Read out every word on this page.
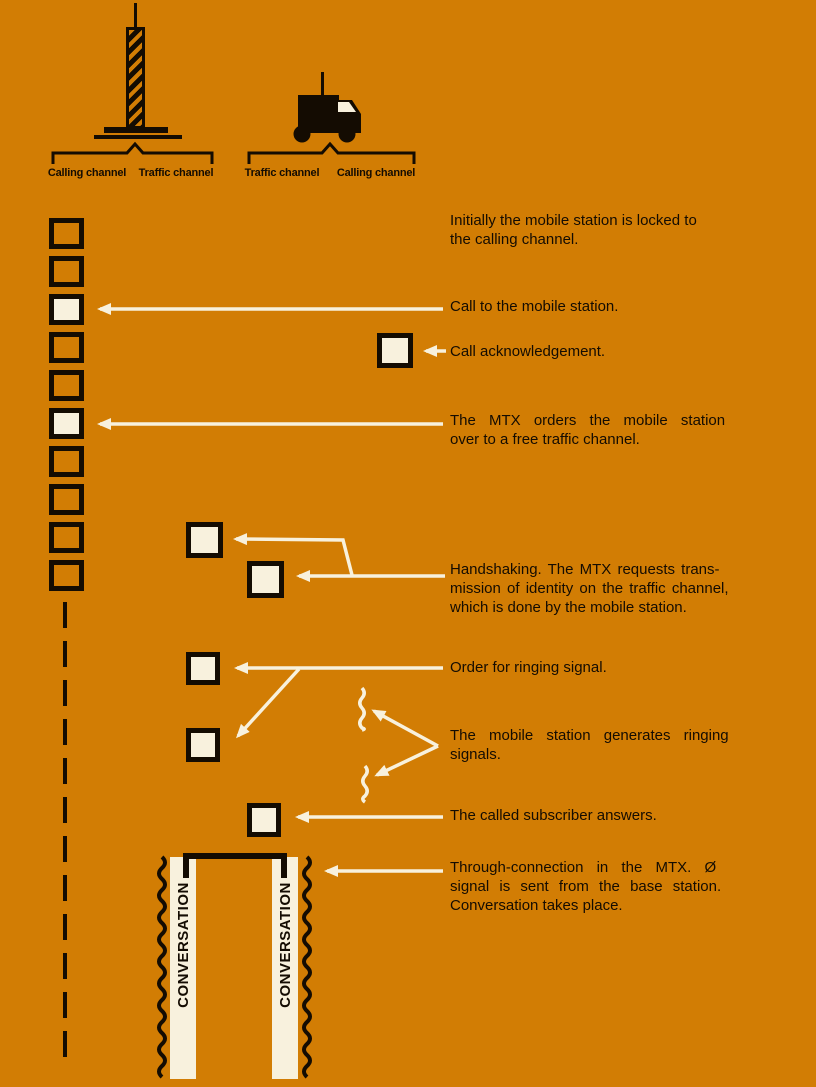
Calling channel	Traffic channel	Traffic channel	Calling channel
Initially the mobile station is locked to
the calling channel.
Call to the mobile station.
Call acknowledgement.
The MTX orders the mobile station
over to a free traffic channel.
Handshaking. The MTX requests trans-
mission of identity on the traffic channel,
which is done by the mobile station.
Order for ringing signal.
The mobile station generates ringing
signals.
The called subscriber answers.
Through-connection in the MTX. Ø
signal is sent from the base station.
Conversation takes place.
CONVERSATION	CONVERSATION
